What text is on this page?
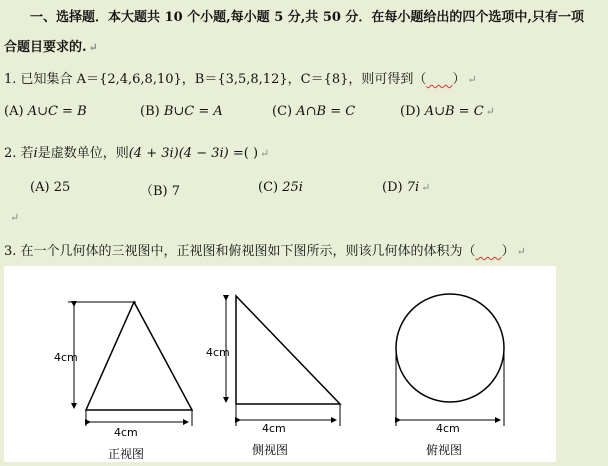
一、选择题．本大题共 10 个小题,每小题 5 分,共 50 分．在每小题给出的四个选项中,只有一项
合题目要求的. ↵
1. 已知集合 A＝{2,4,6,8,10}，B＝{3,5,8,12}，C＝{8}，则可得到（　　 ） ↵
(A) A∪C = B	(B) B∪C = A	(C) A∩B = C	(D) A∪B = C ↵
2. 若i是虚数单位，则(4 + 3i)(4 − 3i) =( ) ↵
(A) 25	（B) 7	(C) 25i	(D) 7i ↵
↵
3. 在一个几何体的三视图中，正视图和俯视图如下图所示，则该几何体的体积为（　　 ） ↵
4cm
4cm
正视图
4cm
4cm
侧视图
4cm
俯视图
